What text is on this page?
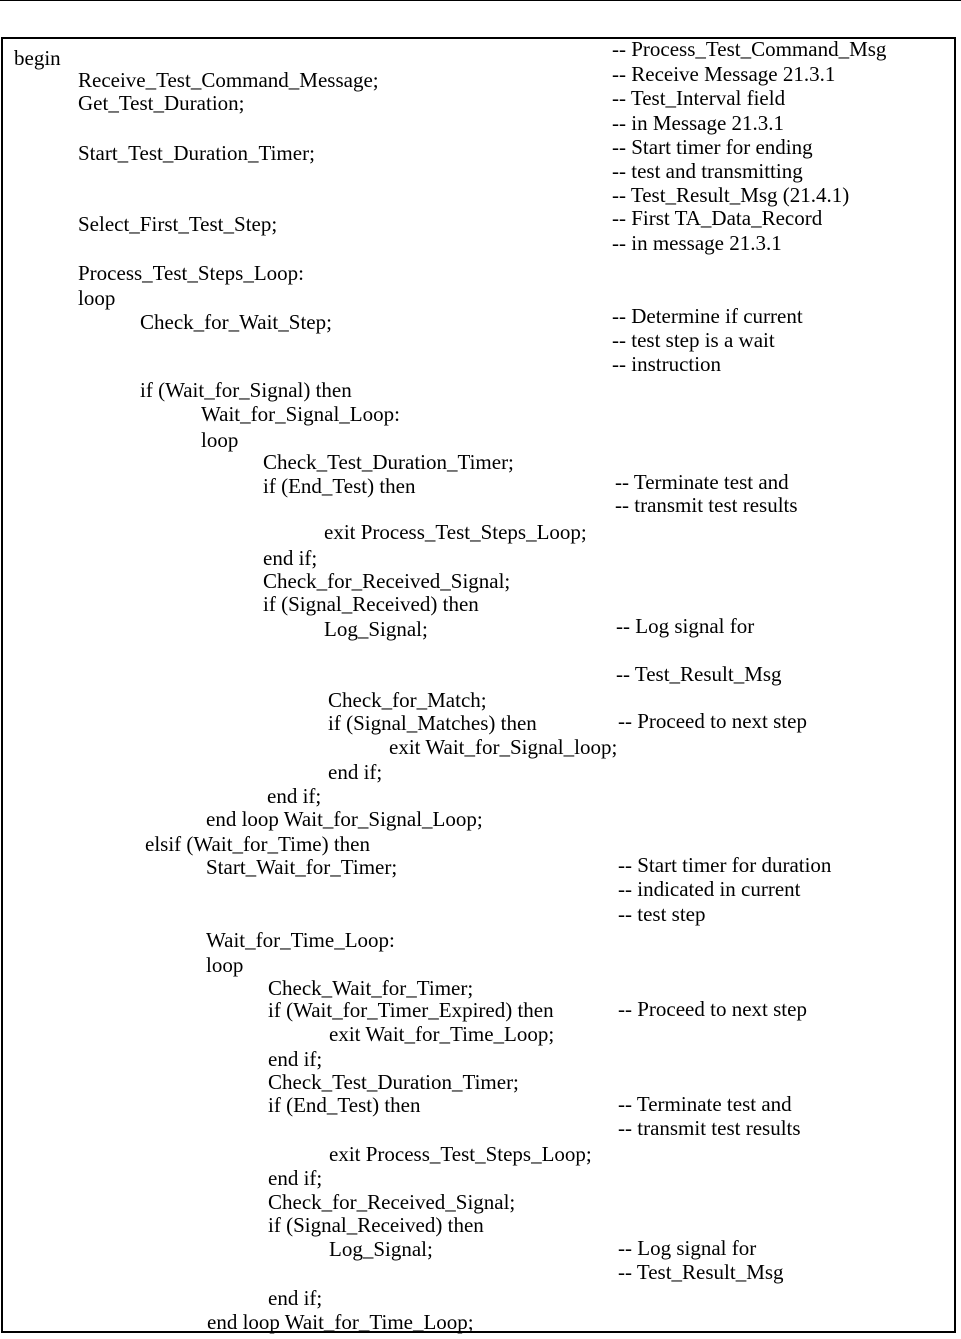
begin
Receive_Test_Command_Message;
Get_Test_Duration;
Start_Test_Duration_Timer;
Select_First_Test_Step;
Process_Test_Steps_Loop:
loop
Check_for_Wait_Step;
if (Wait_for_Signal) then
Wait_for_Signal_Loop:
loop
Check_Test_Duration_Timer;
if (End_Test) then
exit Process_Test_Steps_Loop;
end if;
Check_for_Received_Signal;
if (Signal_Received) then
Log_Signal;
Check_for_Match;
if (Signal_Matches) then
exit Wait_for_Signal_loop;
end if;
end if;
end loop Wait_for_Signal_Loop;
elsif (Wait_for_Time) then
Start_Wait_for_Timer;
Wait_for_Time_Loop:
loop
Check_Wait_for_Timer;
if (Wait_for_Timer_Expired) then
exit Wait_for_Time_Loop;
end if;
Check_Test_Duration_Timer;
if (End_Test) then
exit Process_Test_Steps_Loop;
end if;
Check_for_Received_Signal;
if (Signal_Received) then
Log_Signal;
end if;
end loop Wait_for_Time_Loop;
-- Process_Test_Command_Msg
-- Receive Message 21.3.1
-- Test_Interval field
-- in Message 21.3.1
-- Start timer for ending
-- test and transmitting
-- Test_Result_Msg (21.4.1)
-- First TA_Data_Record
-- in message 21.3.1
-- Determine if current
-- test step is a wait
-- instruction
-- Terminate test and
-- transmit test results
-- Log signal for
-- Test_Result_Msg
-- Proceed to next step
-- Start timer for duration
-- indicated in current
-- test step
-- Proceed to next step
-- Terminate test and
-- transmit test results
-- Log signal for
-- Test_Result_Msg
